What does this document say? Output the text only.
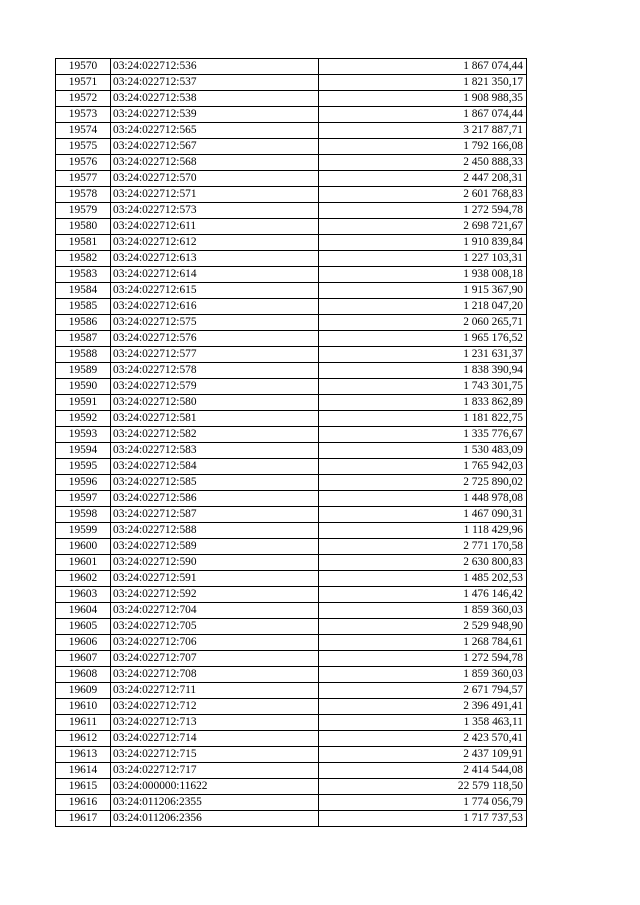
19570	03:24:022712:536	1 867 074,44
19571	03:24:022712:537	1 821 350,17
19572	03:24:022712:538	1 908 988,35
19573	03:24:022712:539	1 867 074,44
19574	03:24:022712:565	3 217 887,71
19575	03:24:022712:567	1 792 166,08
19576	03:24:022712:568	2 450 888,33
19577	03:24:022712:570	2 447 208,31
19578	03:24:022712:571	2 601 768,83
19579	03:24:022712:573	1 272 594,78
19580	03:24:022712:611	2 698 721,67
19581	03:24:022712:612	1 910 839,84
19582	03:24:022712:613	1 227 103,31
19583	03:24:022712:614	1 938 008,18
19584	03:24:022712:615	1 915 367,90
19585	03:24:022712:616	1 218 047,20
19586	03:24:022712:575	2 060 265,71
19587	03:24:022712:576	1 965 176,52
19588	03:24:022712:577	1 231 631,37
19589	03:24:022712:578	1 838 390,94
19590	03:24:022712:579	1 743 301,75
19591	03:24:022712:580	1 833 862,89
19592	03:24:022712:581	1 181 822,75
19593	03:24:022712:582	1 335 776,67
19594	03:24:022712:583	1 530 483,09
19595	03:24:022712:584	1 765 942,03
19596	03:24:022712:585	2 725 890,02
19597	03:24:022712:586	1 448 978,08
19598	03:24:022712:587	1 467 090,31
19599	03:24:022712:588	1 118 429,96
19600	03:24:022712:589	2 771 170,58
19601	03:24:022712:590	2 630 800,83
19602	03:24:022712:591	1 485 202,53
19603	03:24:022712:592	1 476 146,42
19604	03:24:022712:704	1 859 360,03
19605	03:24:022712:705	2 529 948,90
19606	03:24:022712:706	1 268 784,61
19607	03:24:022712:707	1 272 594,78
19608	03:24:022712:708	1 859 360,03
19609	03:24:022712:711	2 671 794,57
19610	03:24:022712:712	2 396 491,41
19611	03:24:022712:713	1 358 463,11
19612	03:24:022712:714	2 423 570,41
19613	03:24:022712:715	2 437 109,91
19614	03:24:022712:717	2 414 544,08
19615	03:24:000000:11622	22 579 118,50
19616	03:24:011206:2355	1 774 056,79
19617	03:24:011206:2356	1 717 737,53
